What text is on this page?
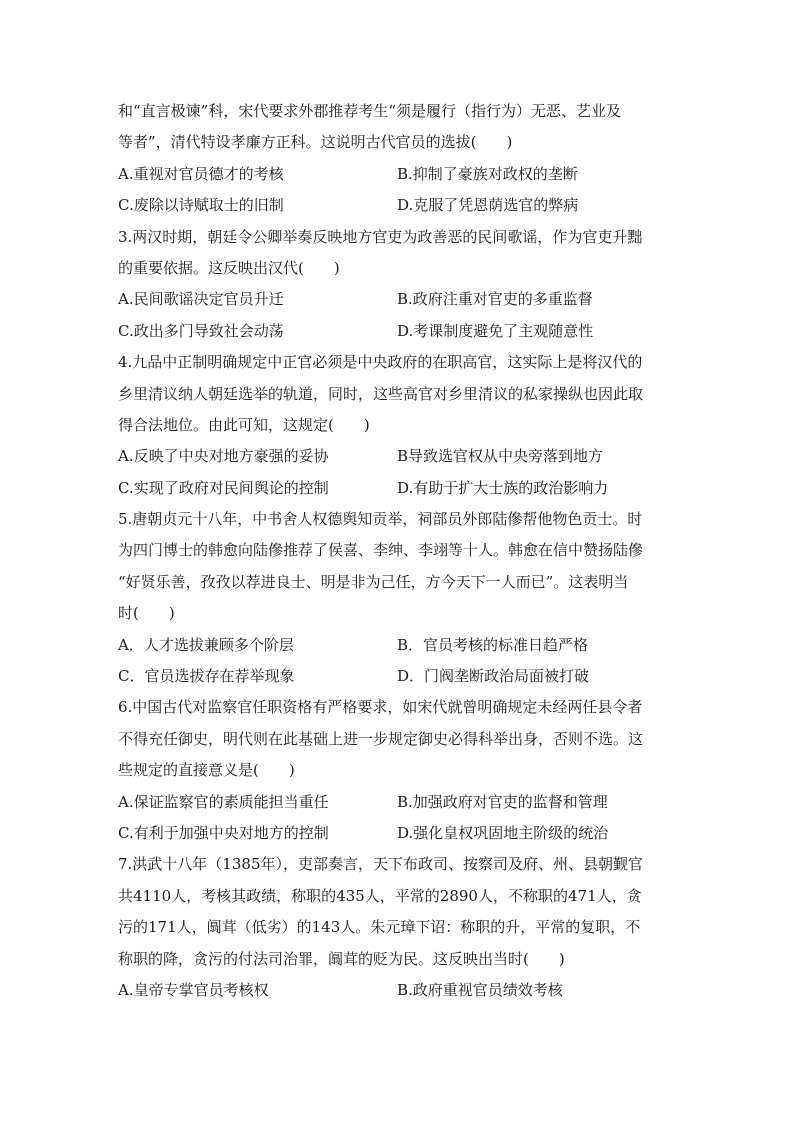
和“直言极谏”科，宋代要求外郡推荐考生“须是履行（指行为）无恶、艺业及
等者”，清代特设孝廉方正科。这说明古代官员的选拔(　　)
A.重视对官员德才的考核	B.抑制了豪族对政权的垄断
C.废除以诗赋取士的旧制	D.克服了凭恩荫选官的弊病
3.两汉时期，朝廷令公卿举奏反映地方官吏为政善恶的民间歌谣，作为官吏升黜
的重要依据。这反映出汉代(　　)
A.民间歌谣决定官员升迁	B.政府注重对官吏的多重监督
C.政出多门导致社会动荡	D.考课制度避免了主观随意性
4.九品中正制明确规定中正官必须是中央政府的在职高官，这实际上是将汉代的
乡里清议纳人朝廷选举的轨道，同时，这些高官对乡里清议的私家操纵也因此取
得合法地位。由此可知，这规定(　　)
A.反映了中央对地方豪强的妥协	B导致选官权从中央旁落到地方
C.实现了政府对民间舆论的控制	D.有助于扩大士族的政治影响力
5.唐朝贞元十八年，中书舍人权德舆知贡举，祠部员外郎陆傪帮他物色贡士。时
为四门博士的韩愈向陆傪推荐了侯喜、李绅、李翊等十人。韩愈在信中赞扬陆傪
“好贤乐善，孜孜以荐进良士、明是非为己任，方今天下一人而已”。这表明当
时(　　)
A．人才选拔兼顾多个阶层	B．官员考核的标准日趋严格
C．官员选拔存在荐举现象	D．门阀垄断政治局面被打破
6.中国古代对监察官任职资格有严格要求，如宋代就曾明确规定未经两任县令者
不得充任御史，明代则在此基础上进一步规定御史必得科举出身，否则不选。这
些规定的直接意义是(　　)
A.保证监察官的素质能担当重任	B.加强政府对官吏的监督和管理
C.有利于加强中央对地方的控制	D.强化皇权巩固地主阶级的统治
7.洪武十八年（1385年），吏部奏言，天下布政司、按察司及府、州、县朝觐官
共4110人，考核其政绩，称职的435人，平常的2890人，不称职的471人，贪
污的171人，阘茸（低劣）的143人。朱元璋下诏：称职的升，平常的复职，不
称职的降，贪污的付法司治罪，阘茸的贬为民。这反映出当时(　　)
A.皇帝专掌官员考核权	B.政府重视官员绩效考核
